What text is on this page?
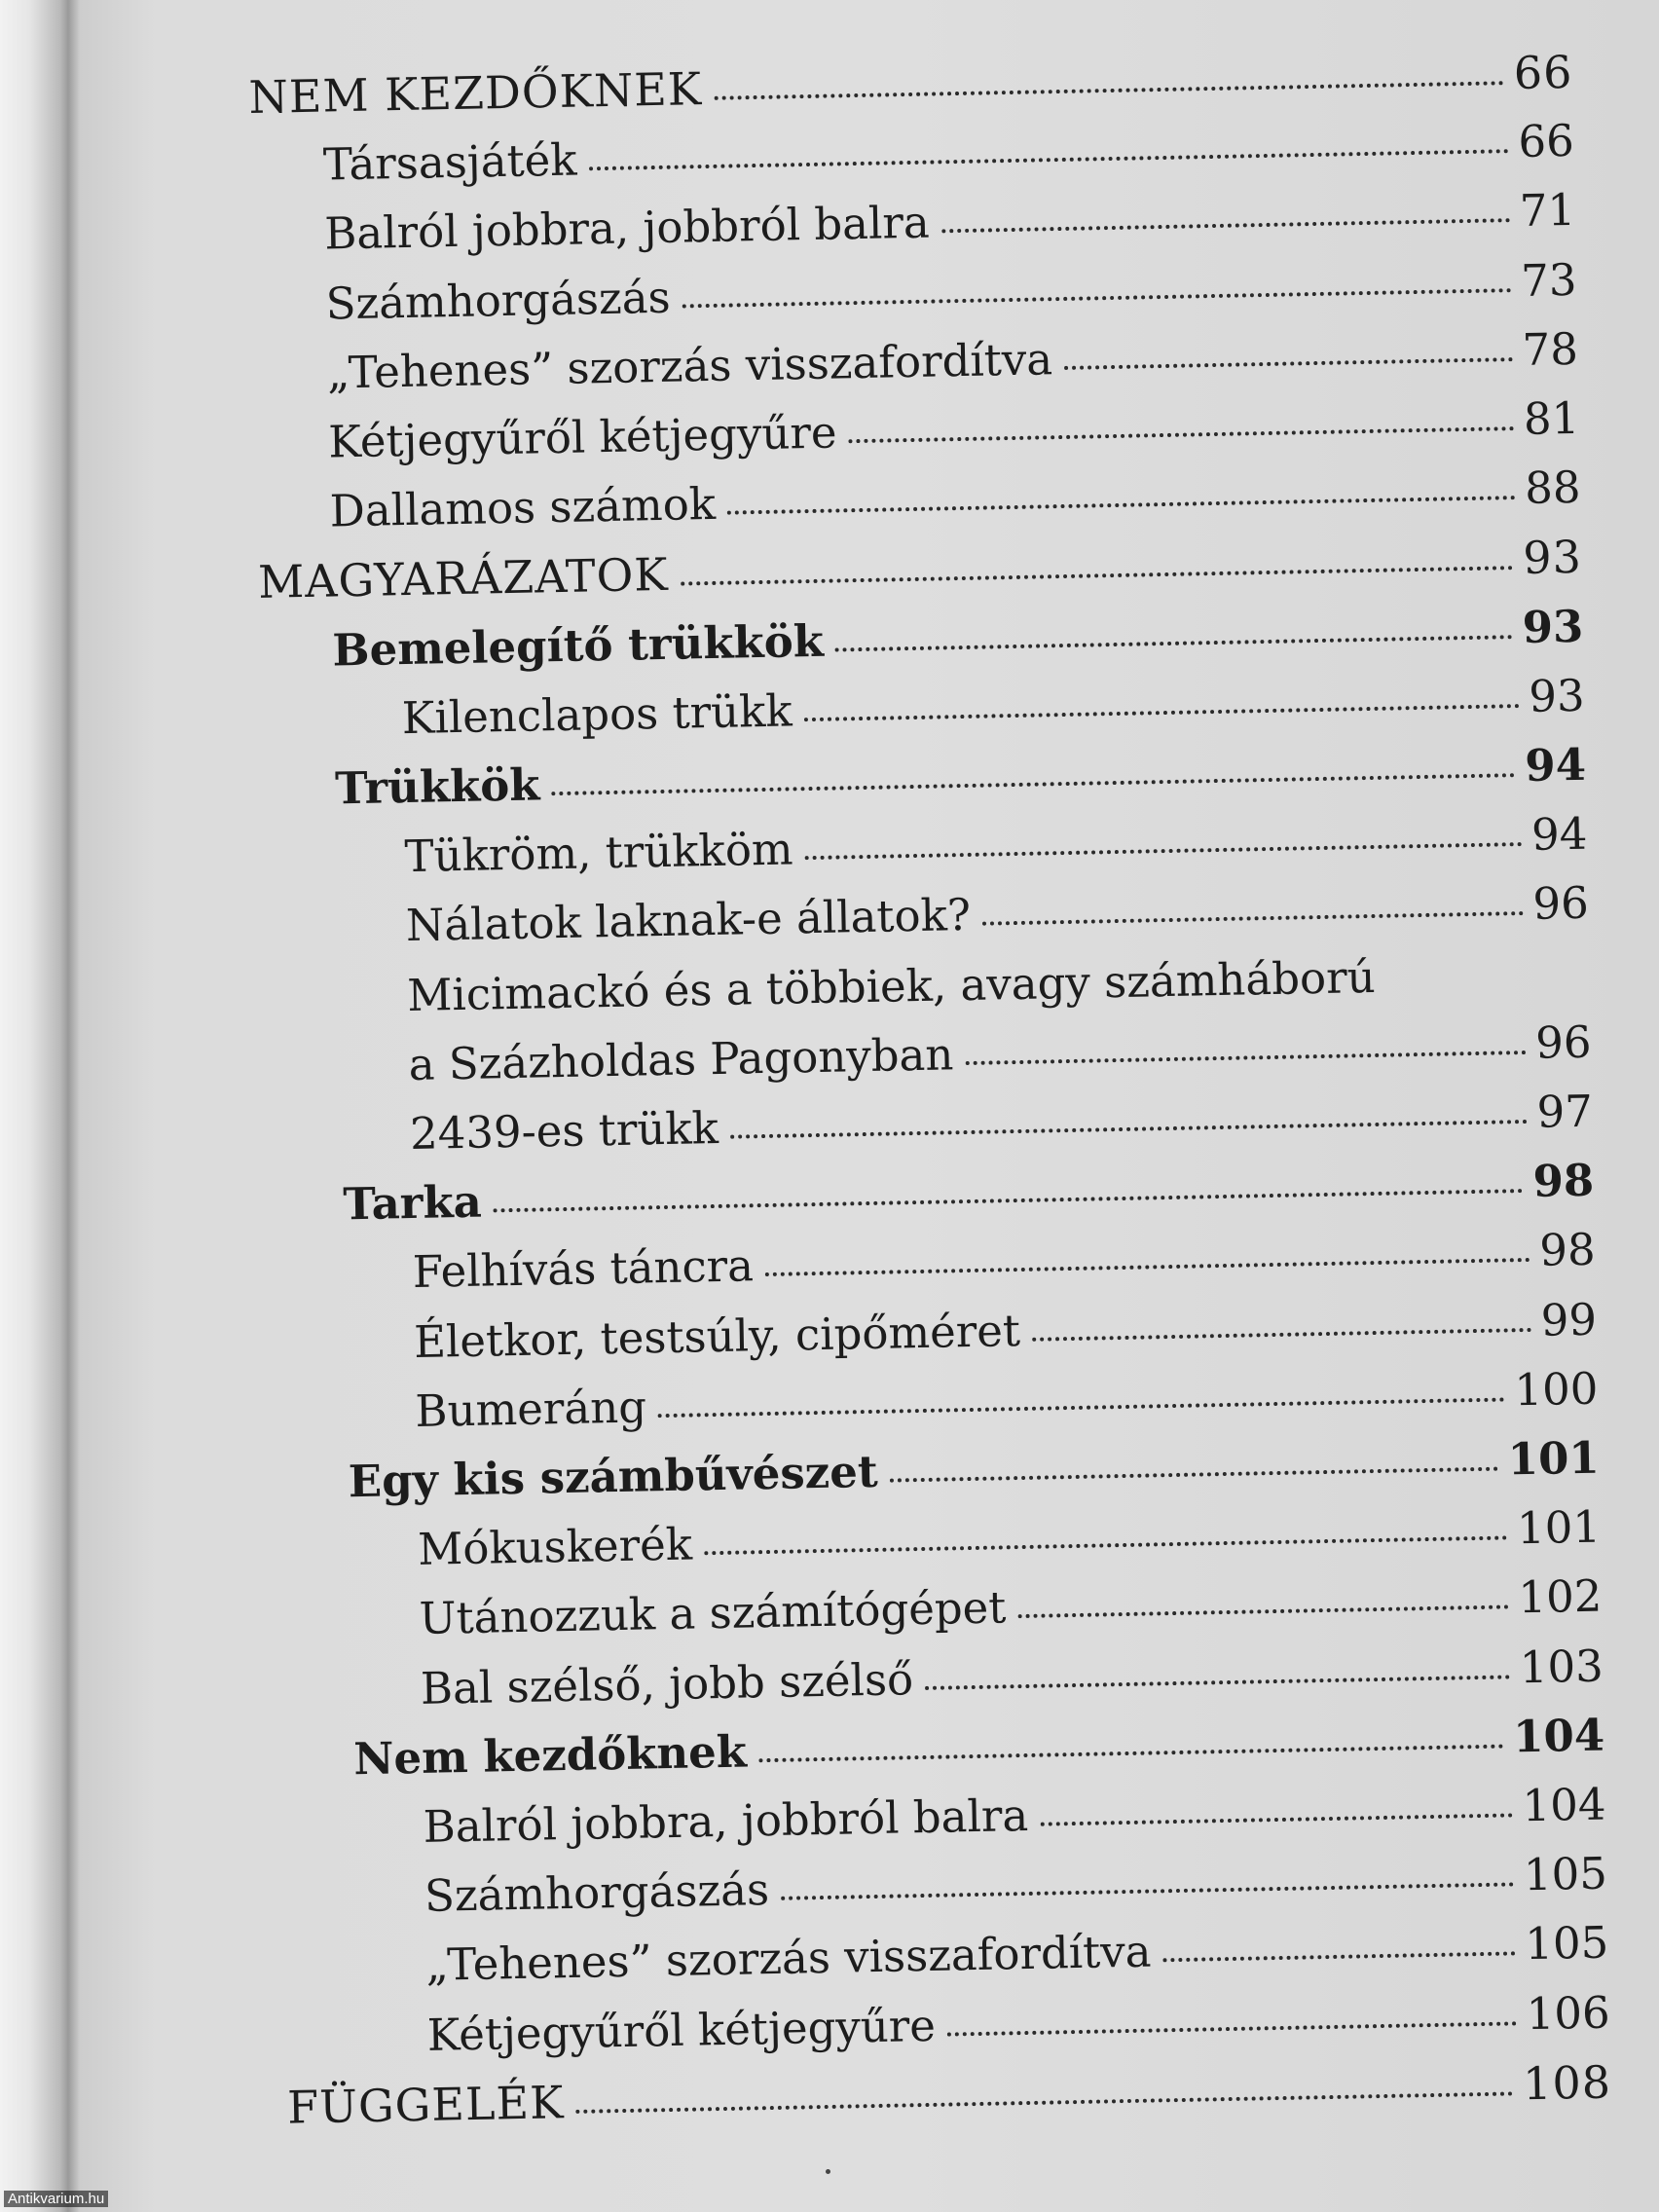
NEM KEZDŐKNEK	66
Társasjáték	66
Balról jobbra, jobbról balra	71
Számhorgászás	73
„Tehenes” szorzás visszafordítva	78
Kétjegyűről kétjegyűre	81
Dallamos számok	88
MAGYARÁZATOK	93
Bemelegítő trükkök	93
Kilenclapos trükk	93
Trükkök	94
Tükröm, trükköm	94
Nálatok laknak-e állatok?	96
Micimackó és a többiek, avagy számháború
a Százholdas Pagonyban	96
2439-es trükk	97
Tarka	98
Felhívás táncra	98
Életkor, testsúly, cipőméret	99
Bumeráng	100
Egy kis számbűvészet	101
Mókuskerék	101
Utánozzuk a számítógépet	102
Bal szélső, jobb szélső	103
Nem kezdőknek	104
Balról jobbra, jobbról balra	104
Számhorgászás	105
„Tehenes” szorzás visszafordítva	105
Kétjegyűről kétjegyűre	106
FÜGGELÉK	108
Antikvarium.hu
